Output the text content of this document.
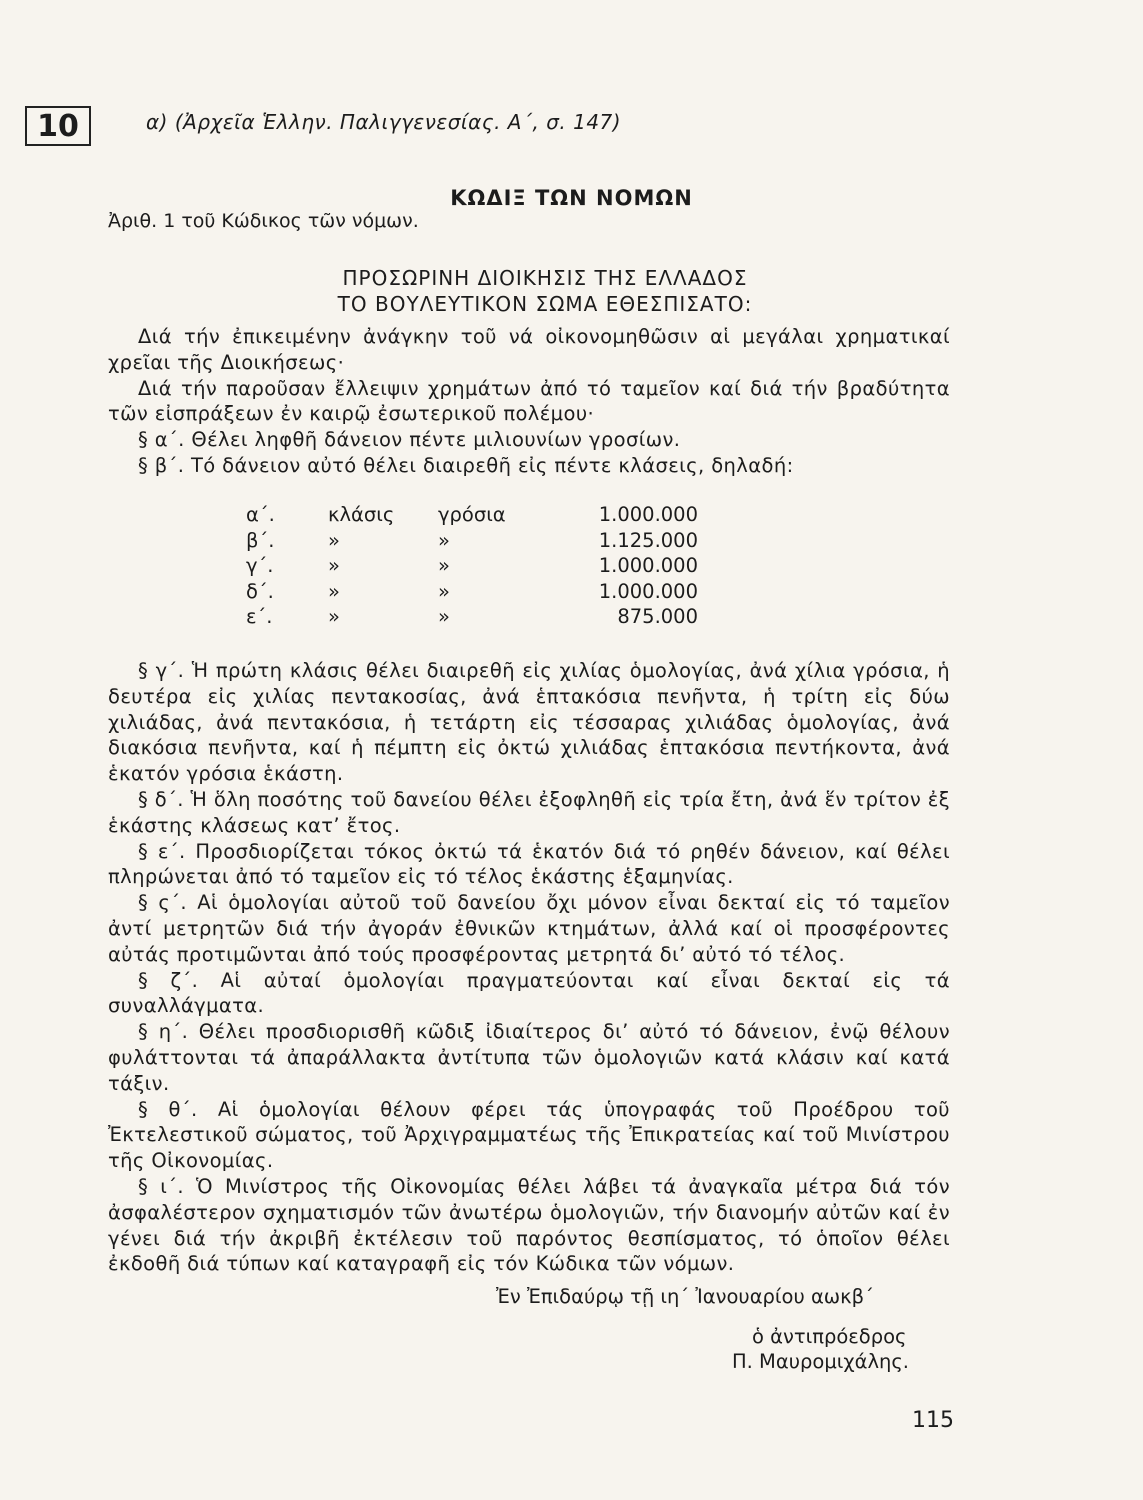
10	α) (Ἀρχεῖα Ἑλλην. Παλιγγενεσίας. Α΄, σ. 147)
ΚΩΔΙΞ ΤΩΝ ΝΟΜΩΝ
Ἀριθ. 1 τοῦ Κώδικος τῶν νόμων.
ΠΡΟΣΩΡΙΝΗ ΔΙΟΙΚΗΣΙΣ ΤΗΣ ΕΛΛΑΔΟΣ
ΤΟ ΒΟΥΛΕΥΤΙΚΟΝ ΣΩΜΑ ΕΘΕΣΠΙΣΑΤΟ:

Διά τήν ἐπικειμένην ἀνάγκην τοῦ νά οἰκονομηθῶσιν αἱ μεγάλαι χρηματικαί χρεῖαι τῆς Διοικήσεως·

Διά τήν παροῦσαν ἔλλειψιν χρημάτων ἀπό τό ταμεῖον καί διά τήν βραδύτητα τῶν εἰσπράξεων ἐν καιρῷ ἐσωτερικοῦ πολέμου·

§ α΄. Θέλει ληφθῆ δάνειον πέντε μιλιουνίων γροσίων.

§ β΄. Τό δάνειον αὐτό θέλει διαιρεθῆ εἰς πέντε κλάσεις, δηλαδή:

α΄.	κλάσις	γρόσια	1.000.000
β΄.	»	»	1.125.000
γ΄.	»	»	1.000.000
δ΄.	»	»	1.000.000
ε΄.	»	»	875.000

§ γ΄. Ἡ πρώτη κλάσις θέλει διαιρεθῆ εἰς χιλίας ὁμολογίας, ἀνά χίλια γρόσια, ἡ δευτέρα εἰς χιλίας πεντακοσίας, ἀνά ἑπτακόσια πενῆντα, ἡ τρίτη εἰς δύω χιλιάδας, ἀνά πεντακόσια, ἡ τετάρτη εἰς τέσσαρας χιλιάδας ὁμολογίας, ἀνά διακόσια πενῆντα, καί ἡ πέμπτη εἰς ὀκτώ χιλιάδας ἑπτακόσια πεντήκοντα, ἀνά ἑκατόν γρόσια ἑκάστη.

§ δ΄. Ἡ ὅλη ποσότης τοῦ δανείου θέλει ἐξοφληθῆ εἰς τρία ἔτη, ἀνά ἕν τρίτον ἐξ ἑκάστης κλάσεως κατ’ ἔτος.

§ ε΄. Προσδιορίζεται τόκος ὀκτώ τά ἑκατόν διά τό ρηθέν δάνειον, καί θέλει πληρώνεται ἀπό τό ταμεῖον εἰς τό τέλος ἑκάστης ἑξαμηνίας.

§ ς΄. Αἱ ὁμολογίαι αὐτοῦ τοῦ δανείου ὄχι μόνον εἶναι δεκταί εἰς τό ταμεῖον ἀντί μετρητῶν διά τήν ἀγοράν ἐθνικῶν κτημάτων, ἀλλά καί οἱ προσφέροντες αὐτάς προτιμῶνται ἀπό τούς προσφέροντας μετρητά δι’ αὐτό τό τέλος.

§ ζ΄. Αἱ αὐταί ὁμολογίαι πραγματεύονται καί εἶναι δεκταί εἰς τά συναλλάγματα.

§ η΄. Θέλει προσδιορισθῆ κῶδιξ ἰδιαίτερος δι’ αὐτό τό δάνειον, ἐνῷ θέλουν φυλάττονται τά ἀπαράλλακτα ἀντίτυπα τῶν ὁμολογιῶν κατά κλάσιν καί κατά τάξιν.

§ θ΄. Αἱ ὁμολογίαι θέλουν φέρει τάς ὑπογραφάς τοῦ Προέδρου τοῦ Ἐκτελεστικοῦ σώματος, τοῦ Ἀρχιγραμματέως τῆς Ἐπικρατείας καί τοῦ Μινίστρου τῆς Οἰκονομίας.

§ ι΄. Ὁ Μινίστρος τῆς Οἰκονομίας θέλει λάβει τά ἀναγκαῖα μέτρα διά τόν ἀσφαλέστερον σχηματισμόν τῶν ἀνωτέρω ὁμολογιῶν, τήν διανομήν αὐτῶν καί ἐν γένει διά τήν ἀκριβῆ ἐκτέλεσιν τοῦ παρόντος θεσπίσματος, τό ὁποῖον θέλει ἐκδοθῆ διά τύπων καί καταγραφῆ εἰς τόν Κώδικα τῶν νόμων.

Ἐν Ἐπιδαύρῳ τῇ ιη΄ Ἰανουαρίου αωκβ΄
ὁ ἀντιπρόεδρος
Π. Μαυρομιχάλης.
115
